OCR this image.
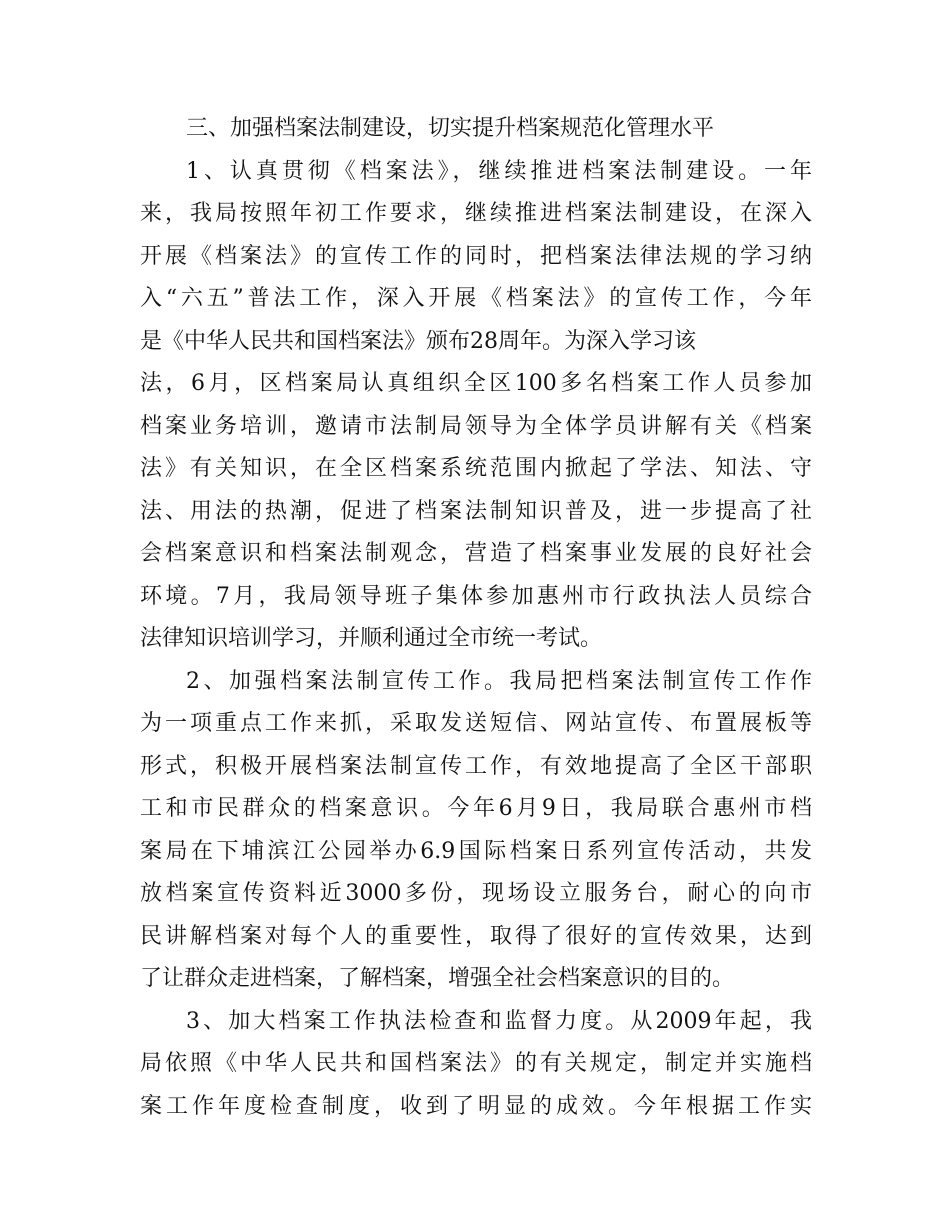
三、加强档案法制建设，切实提升档案规范化管理水平
1、认真贯彻《档案法》，继续推进档案法制建设。一年
来，我局按照年初工作要求，继续推进档案法制建设，在深入
开展《档案法》的宣传工作的同时，把档案法律法规的学习纳
入“六五”普法工作，深入开展《档案法》的宣传工作，今年
是《中华人民共和国档案法》颁布28周年。为深入学习该
法，6月，区档案局认真组织全区100多名档案工作人员参加
档案业务培训，邀请市法制局领导为全体学员讲解有关《档案
法》有关知识，在全区档案系统范围内掀起了学法、知法、守
法、用法的热潮，促进了档案法制知识普及，进一步提高了社
会档案意识和档案法制观念，营造了档案事业发展的良好社会
环境。7月，我局领导班子集体参加惠州市行政执法人员综合
法律知识培训学习，并顺利通过全市统一考试。
2、加强档案法制宣传工作。我局把档案法制宣传工作作
为一项重点工作来抓，采取发送短信、网站宣传、布置展板等
形式，积极开展档案法制宣传工作，有效地提高了全区干部职
工和市民群众的档案意识。今年6月9日，我局联合惠州市档
案局在下埔滨江公园举办6.9国际档案日系列宣传活动，共发
放档案宣传资料近3000多份，现场设立服务台，耐心的向市
民讲解档案对每个人的重要性，取得了很好的宣传效果，达到
了让群众走进档案，了解档案，增强全社会档案意识的目的。
3、加大档案工作执法检查和监督力度。从2009年起，我
局依照《中华人民共和国档案法》的有关规定，制定并实施档
案工作年度检查制度，收到了明显的成效。今年根据工作实
